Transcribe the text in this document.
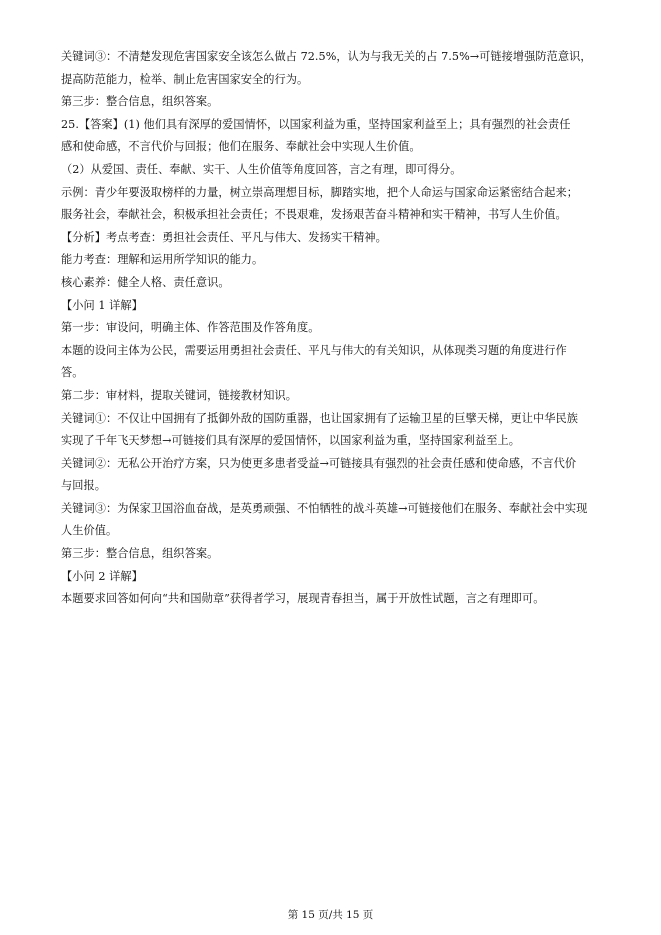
关键词③：不清楚发现危害国家安全该怎么做占 72.5%，认为与我无关的占 7.5%→可链接增强防范意识，
提高防范能力，检举、制止危害国家安全的行为。
第三步：整合信息，组织答案。
25.【答案】(1) 他们具有深厚的爱国情怀，以国家利益为重，坚持国家利益至上；具有强烈的社会责任
感和使命感，不言代价与回报；他们在服务、奉献社会中实现人生价值。
（2）从爱国、责任、奉献、实干、人生价值等角度回答，言之有理，即可得分。
示例：青少年要汲取榜样的力量，树立崇高理想目标，脚踏实地，把个人命运与国家命运紧密结合起来；
服务社会，奉献社会，积极承担社会责任；不畏艰难，发扬艰苦奋斗精神和实干精神，书写人生价值。
【分析】考点考查：勇担社会责任、平凡与伟大、发扬实干精神。
能力考查：理解和运用所学知识的能力。
核心素养：健全人格、责任意识。
【小问 1 详解】
第一步：审设问，明确主体、作答范围及作答角度。
本题的设问主体为公民，需要运用勇担社会责任、平凡与伟大的有关知识，从体现类习题的角度进行作
答。
第二步：审材料，提取关键词，链接教材知识。
关键词①：不仅让中国拥有了抵御外敌的国防重器，也让国家拥有了运输卫星的巨擘天梯，更让中华民族
实现了千年飞天梦想→可链接们具有深厚的爱国情怀，以国家利益为重，坚持国家利益至上。
关键词②：无私公开治疗方案，只为使更多患者受益→可链接具有强烈的社会责任感和使命感，不言代价
与回报。
关键词③：为保家卫国浴血奋战，是英勇顽强、不怕牺牲的战斗英雄→可链接他们在服务、奉献社会中实现
人生价值。
第三步：整合信息，组织答案。
【小问 2 详解】
本题要求回答如何向“共和国勋章”获得者学习，展现青春担当，属于开放性试题，言之有理即可。
第 15 页/共 15 页
